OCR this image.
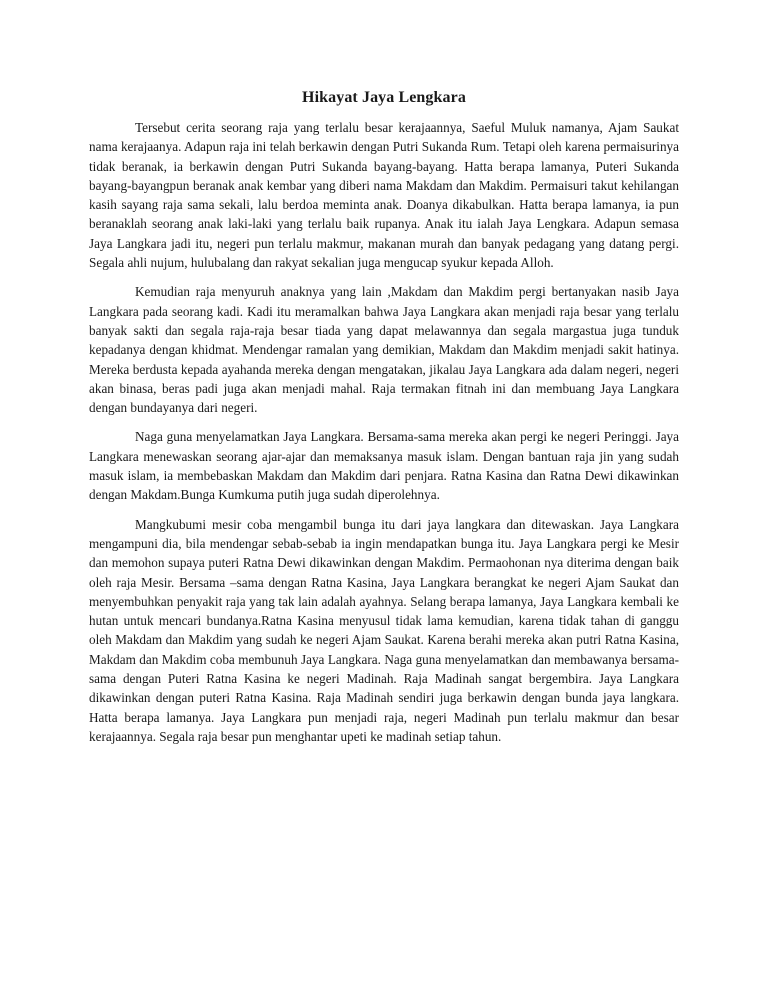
Hikayat Jaya Lengkara

Tersebut cerita seorang raja yang terlalu besar kerajaannya, Saeful Muluk namanya, Ajam Saukat nama kerajaanya. Adapun raja ini telah berkawin dengan Putri Sukanda Rum. Tetapi oleh karena permaisurinya tidak beranak, ia berkawin dengan Putri Sukanda bayang-bayang. Hatta berapa lamanya, Puteri Sukanda bayang-bayangpun beranak anak kembar yang diberi nama Makdam dan Makdim. Permaisuri takut kehilangan kasih sayang raja sama sekali, lalu berdoa meminta anak. Doanya dikabulkan. Hatta berapa lamanya, ia pun beranaklah seorang anak laki-laki yang terlalu baik rupanya. Anak itu ialah Jaya Lengkara. Adapun semasa Jaya Langkara jadi itu, negeri pun terlalu makmur, makanan murah dan banyak pedagang yang datang pergi. Segala ahli nujum, hulubalang dan rakyat sekalian juga mengucap syukur kepada Alloh.

Kemudian raja menyuruh anaknya yang lain ,Makdam dan Makdim pergi bertanyakan nasib Jaya Langkara pada seorang kadi. Kadi itu meramalkan bahwa Jaya Langkara akan menjadi raja besar yang terlalu banyak sakti dan segala raja-raja besar tiada yang dapat melawannya dan segala margastua juga tunduk kepadanya dengan khidmat. Mendengar ramalan yang demikian, Makdam dan Makdim menjadi sakit hatinya. Mereka berdusta kepada ayahanda mereka dengan mengatakan, jikalau Jaya Langkara ada dalam negeri, negeri akan binasa, beras padi juga akan menjadi mahal. Raja termakan fitnah ini dan membuang Jaya Langkara dengan bundayanya dari negeri.

Naga guna menyelamatkan Jaya Langkara. Bersama-sama mereka akan pergi ke negeri Peringgi. Jaya Langkara menewaskan seorang ajar-ajar dan memaksanya masuk islam. Dengan bantuan raja jin yang sudah masuk islam, ia membebaskan Makdam dan Makdim dari penjara. Ratna Kasina dan Ratna Dewi dikawinkan dengan Makdam.Bunga Kumkuma putih juga sudah diperolehnya.

Mangkubumi mesir coba mengambil bunga itu dari jaya langkara dan ditewaskan. Jaya Langkara mengampuni dia, bila mendengar sebab-sebab ia ingin mendapatkan bunga itu. Jaya Langkara pergi ke Mesir dan memohon supaya puteri Ratna Dewi dikawinkan dengan Makdim. Permaohonan nya diterima dengan baik oleh raja Mesir. Bersama –sama dengan Ratna Kasina, Jaya Langkara berangkat ke negeri Ajam Saukat dan menyembuhkan penyakit raja yang tak lain adalah ayahnya. Selang berapa lamanya, Jaya Langkara kembali ke hutan untuk mencari bundanya.Ratna Kasina menyusul tidak lama kemudian, karena tidak tahan di ganggu oleh Makdam dan Makdim yang sudah ke negeri Ajam Saukat. Karena berahi mereka akan putri Ratna Kasina, Makdam dan Makdim coba membunuh Jaya Langkara. Naga guna menyelamatkan dan membawanya bersama-sama dengan Puteri Ratna Kasina ke negeri Madinah. Raja Madinah sangat bergembira. Jaya Langkara dikawinkan dengan puteri Ratna Kasina. Raja Madinah sendiri juga berkawin dengan bunda jaya langkara. Hatta berapa lamanya. Jaya Langkara pun menjadi raja, negeri Madinah pun terlalu makmur dan besar kerajaannya. Segala raja besar pun menghantar upeti ke madinah setiap tahun.
